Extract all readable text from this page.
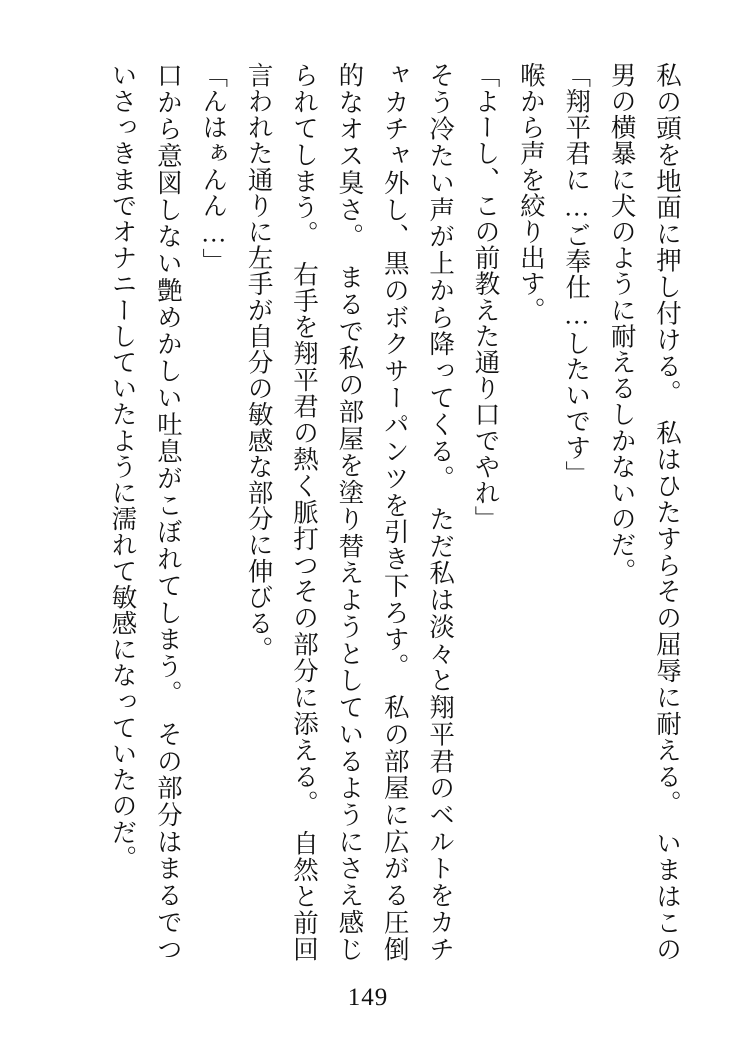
私の頭を地面に押し付ける。　私はひたすらその屈辱に耐える。　いまはこの男の横暴に犬のように耐えるしかないのだ。

「翔平君に…ご奉仕…したいです」

喉から声を絞り出す。

「よーし、この前教えた通り口でやれ」

そう冷たい声が上から降ってくる。　ただ私は淡々と翔平君のベルトをカチャカチャ外し、黒のボクサーパンツを引き下ろす。　私の部屋に広がる圧倒的なオス臭さ。　まるで私の部屋を塗り替えようとしているようにさえ感じられてしまう。　右手を翔平君の熱く脈打つその部分に添える。　自然と前回言われた通りに左手が自分の敏感な部分に伸びる。

「んはぁんん…」

口から意図しない艶めかしい吐息がこぼれてしまう。　その部分はまるでついさっきまでオナニーしていたように濡れて敏感になっていたのだ。

149
